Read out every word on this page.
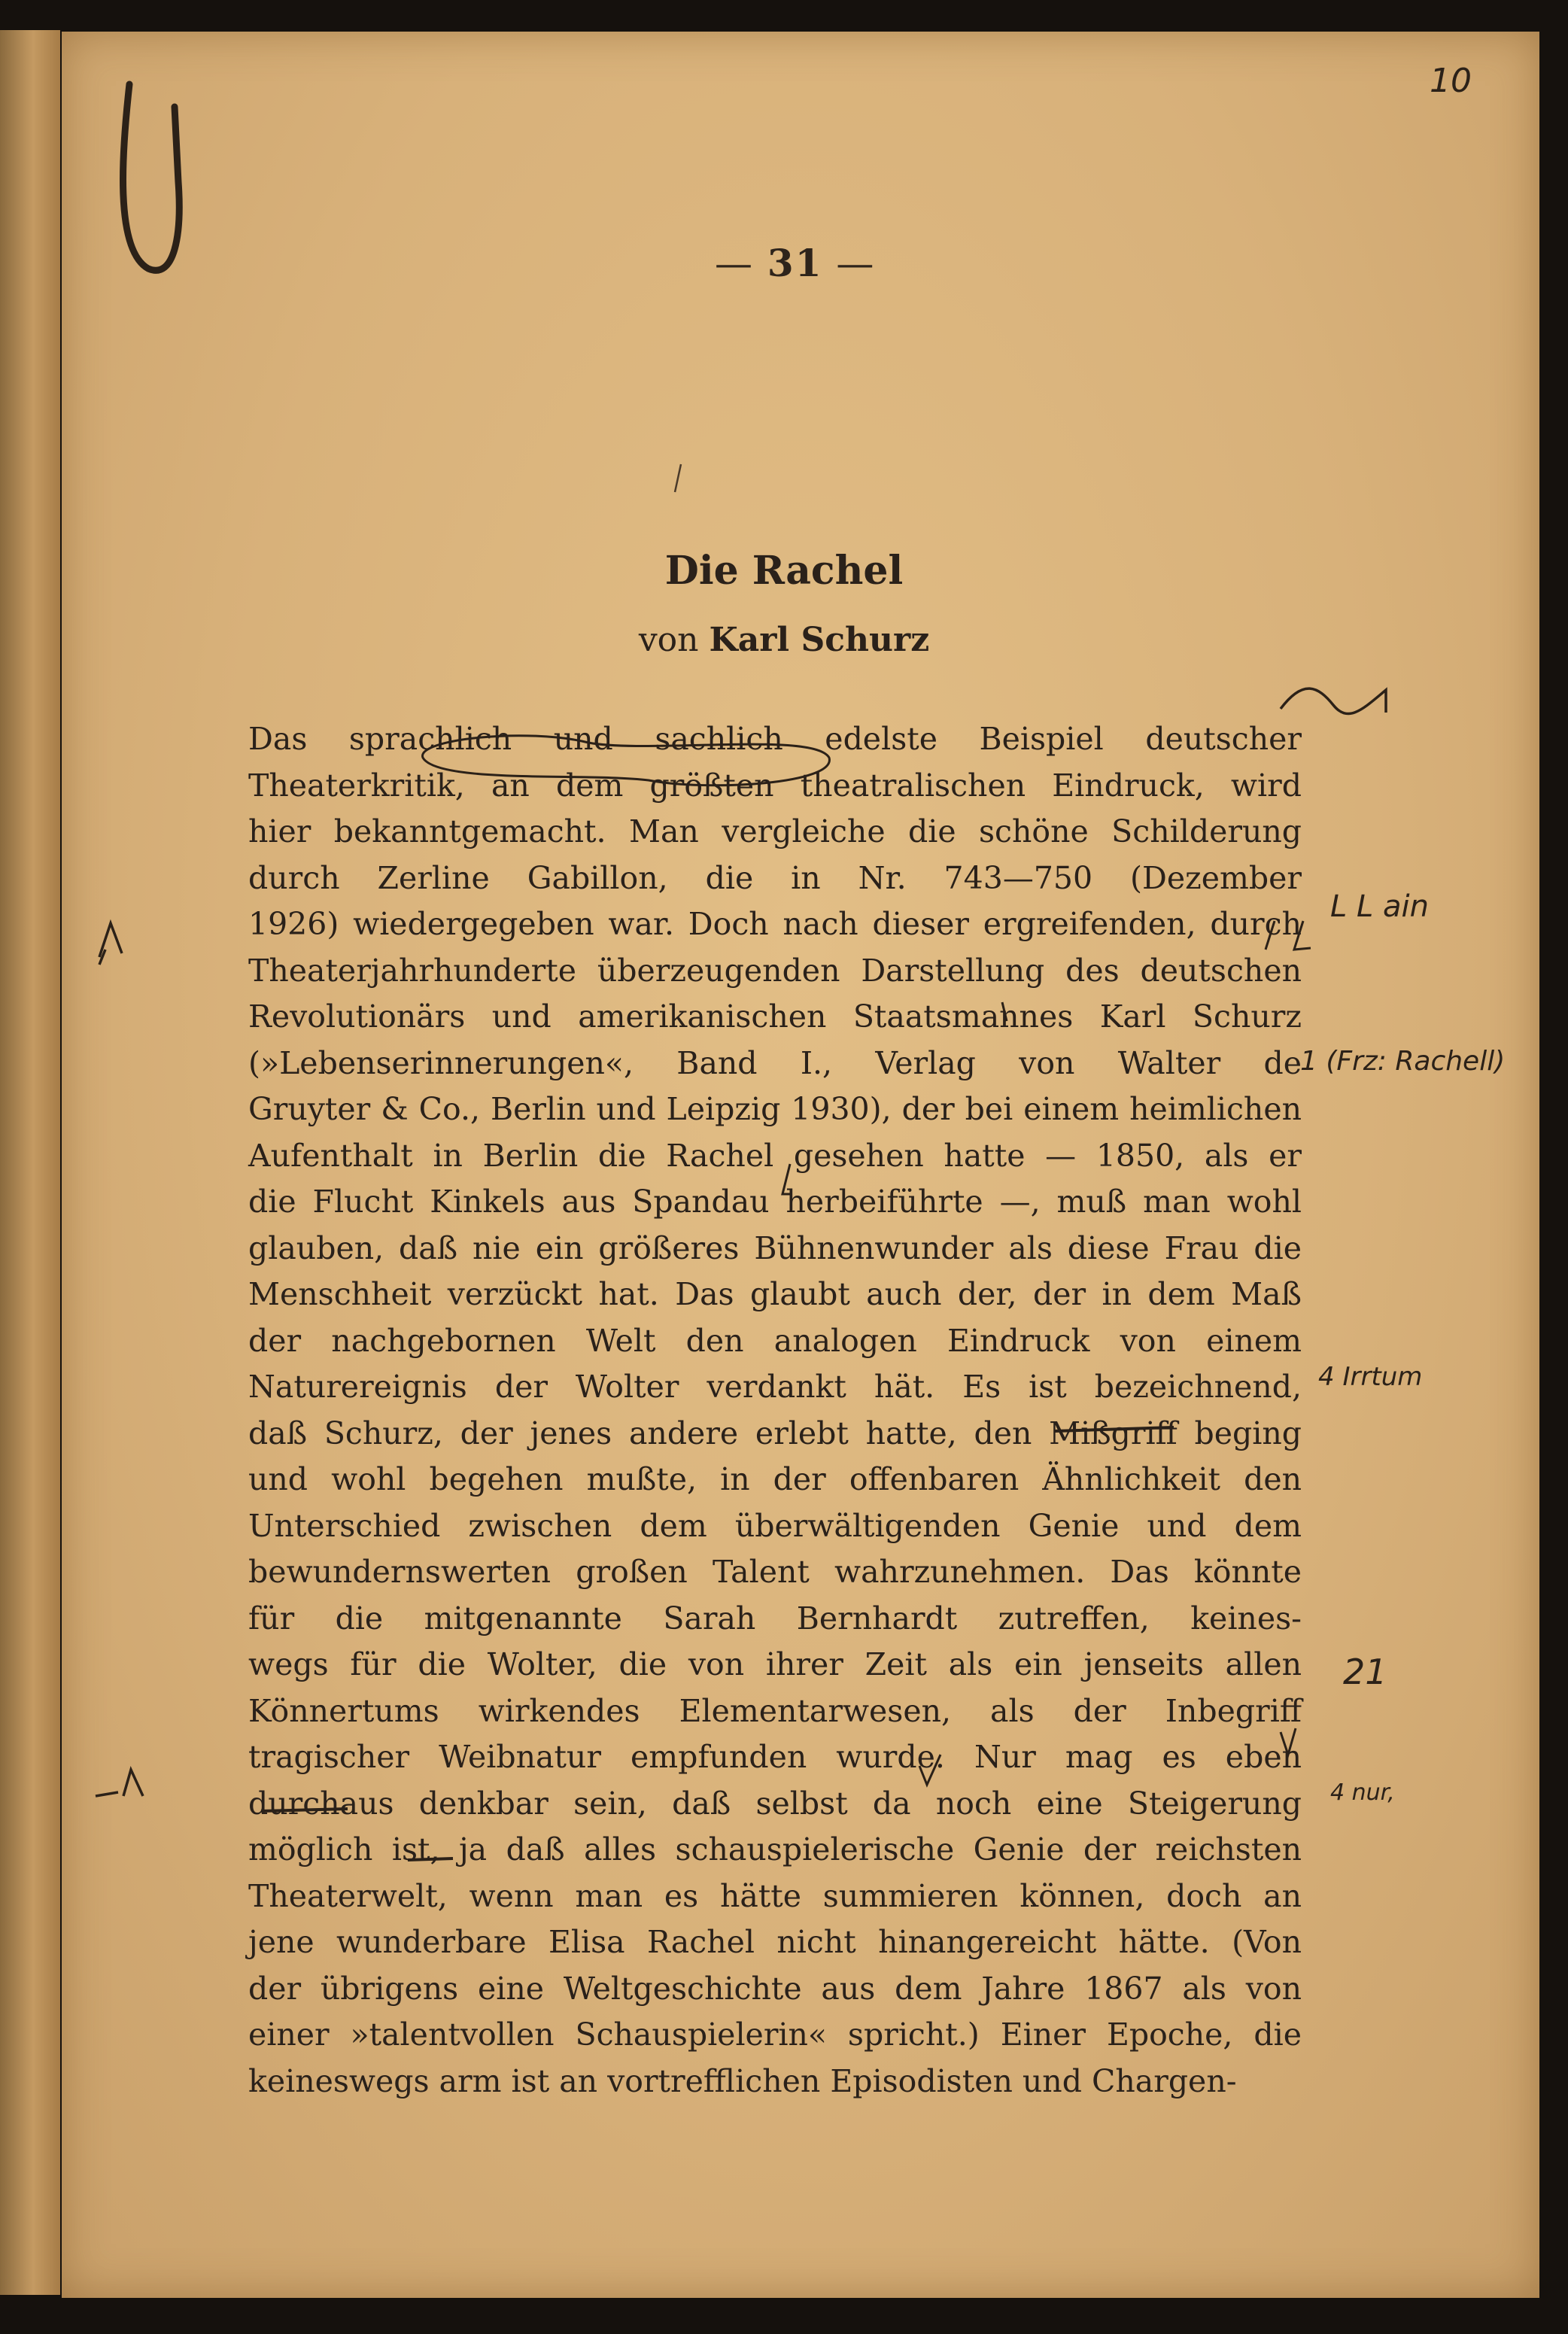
10
— 31 —
Die Rachel
von Karl Schurz
Das sprachlich und sachlich edelste Beispiel deutscher
Theaterkritik, an dem größten theatralischen Eindruck, wird
hier bekanntgemacht. Man vergleiche die schöne Schilderung
durch Zerline Gabillon, die in Nr. 743—750 (Dezember
1926) wiedergegeben war. Doch nach dieser ergreifenden, durch
Theaterjahrhunderte überzeugenden Darstellung des deutschen
Revolutionärs und amerikanischen Staatsmannes Karl Schurz
(»Lebenserinnerungen«, Band I., Verlag von Walter de
Gruyter & Co., Berlin und Leipzig 1930), der bei einem heimlichen
Aufenthalt in Berlin die Rachel gesehen hatte — 1850, als er
die Flucht Kinkels aus Spandau herbeiführte —, muß man wohl
glauben, daß nie ein größeres Bühnenwunder als diese Frau die
Menschheit verzückt hat. Das glaubt auch der, der in dem Maß
der nachgebornen Welt den analogen Eindruck von einem
Naturereignis der Wolter verdankt hät. Es ist bezeichnend,
daß Schurz, der jenes andere erlebt hatte, den Mißgriff beging
und wohl begehen mußte, in der offenbaren Ähnlichkeit den
Unterschied zwischen dem überwältigenden Genie und dem
bewundernswerten großen Talent wahrzunehmen. Das könnte
für die mitgenannte Sarah Bernhardt zutreffen, keines-
wegs für die Wolter, die von ihrer Zeit als ein jenseits allen
Könnertums wirkendes Elementarwesen, als der Inbegriff
tragischer Weibnatur empfunden wurde. Nur mag es eben
durchaus denkbar sein, daß selbst da noch eine Steigerung
möglich ist, ja daß alles schauspielerische Genie der reichsten
Theaterwelt, wenn man es hätte summieren können, doch an
jene wunderbare Elisa Rachel nicht hinangereicht hätte. (Von
der übrigens eine Weltgeschichte aus dem Jahre 1867 als von
einer »talentvollen Schauspielerin« spricht.) Einer Epoche, die
keineswegs arm ist an vortrefflichen Episodisten und Chargen-
L L ain
1 (Frz: Rachell)
4 Irrtum
21
4 nur,
